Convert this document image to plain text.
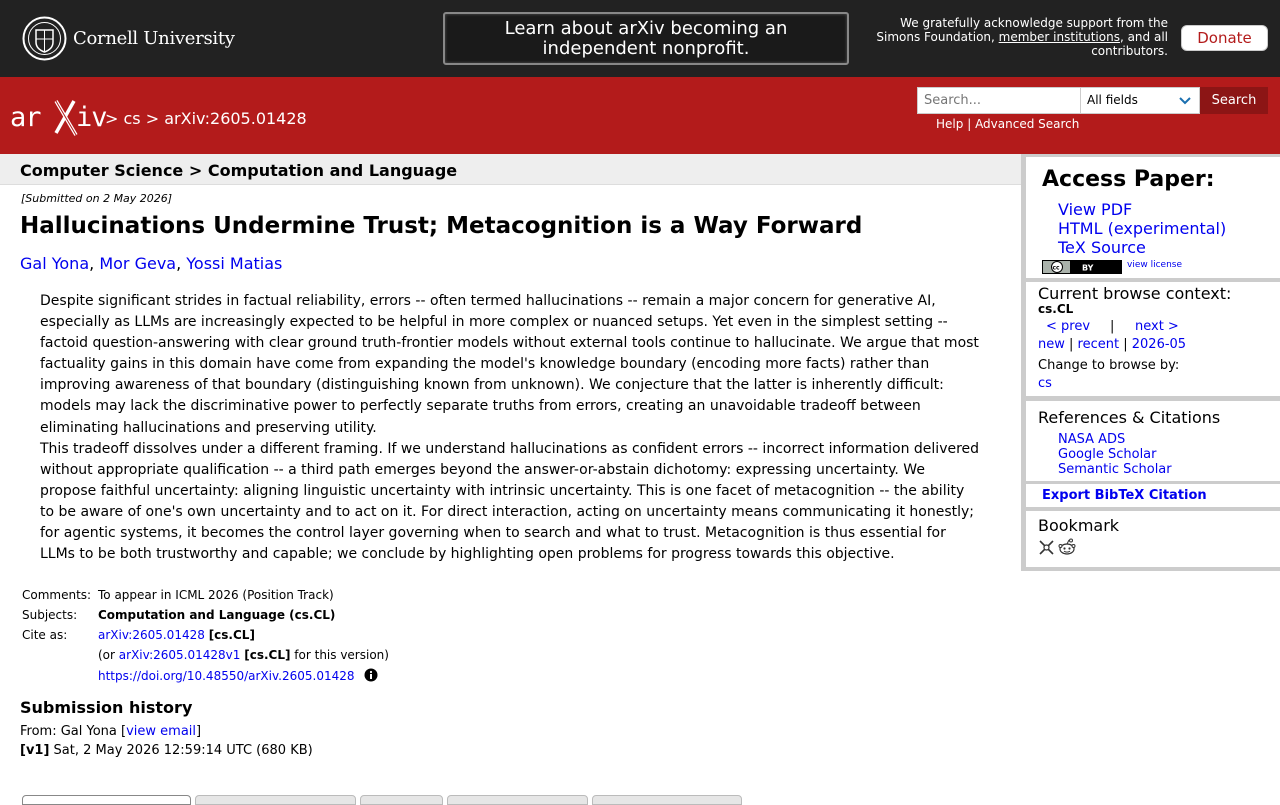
Cornell University	Learn about arXiv becoming an independent nonprofit.
We gratefully acknowledge support from the Simons Foundation, member institutions, and all contributors.
Donate
ar iv
> cs > arXiv:2605.01428
Search...
All fields	Search
Help | Advanced Search
Computer Science > Computation and Language
[Submitted on 2 May 2026]
Hallucinations Undermine Trust; Metacognition is a Way Forward
Gal Yona, Mor Geva, Yossi Matias

Despite significant strides in factual reliability, errors -- often termed hallucinations -- remain a major concern for generative AI, especially as LLMs are increasingly expected to be helpful in more complex or nuanced setups. Yet even in the simplest setting -- factoid question-answering with clear ground truth-frontier models without external tools continue to hallucinate. We argue that most factuality gains in this domain have come from expanding the model's knowledge boundary (encoding more facts) rather than improving awareness of that boundary (distinguishing known from unknown). We conjecture that the latter is inherently difficult: models may lack the discriminative power to perfectly separate truths from errors, creating an unavoidable tradeoff between eliminating hallucinations and preserving utility.

This tradeoff dissolves under a different framing. If we understand hallucinations as confident errors -- incorrect information delivered without appropriate qualification -- a third path emerges beyond the answer-or-abstain dichotomy: expressing uncertainty. We propose faithful uncertainty: aligning linguistic uncertainty with intrinsic uncertainty. This is one facet of metacognition -- the ability to be aware of one's own uncertainty and to act on it. For direct interaction, acting on uncertainty means communicating it honestly; for agentic systems, it becomes the control layer governing when to search and what to trust. Metacognition is thus essential for LLMs to be both trustworthy and capable; we conclude by highlighting open problems for progress towards this objective.

Comments: To appear in ICML 2026 (Position Track)
Subjects:	Computation and Language (cs.CL)
Cite as:	arXiv:2605.01428 [cs.CL]
(or arXiv:2605.01428v1 [cs.CL] for this version)
https://doi.org/10.48550/arXiv.2605.01428
Submission history
From: Gal Yona [view email]
[v1] Sat, 2 May 2026 12:59:14 UTC (680 KB)
Access Paper:
View PDF
HTML (experimental)
TeX Source
cc	BY	view license
Current browse context:
cs.CL
< prev | next >
new | recent | 2026-05
Change to browse by:
cs
References & Citations
NASA ADS
Google Scholar
Semantic Scholar
Export BibTeX Citation
Bookmark
